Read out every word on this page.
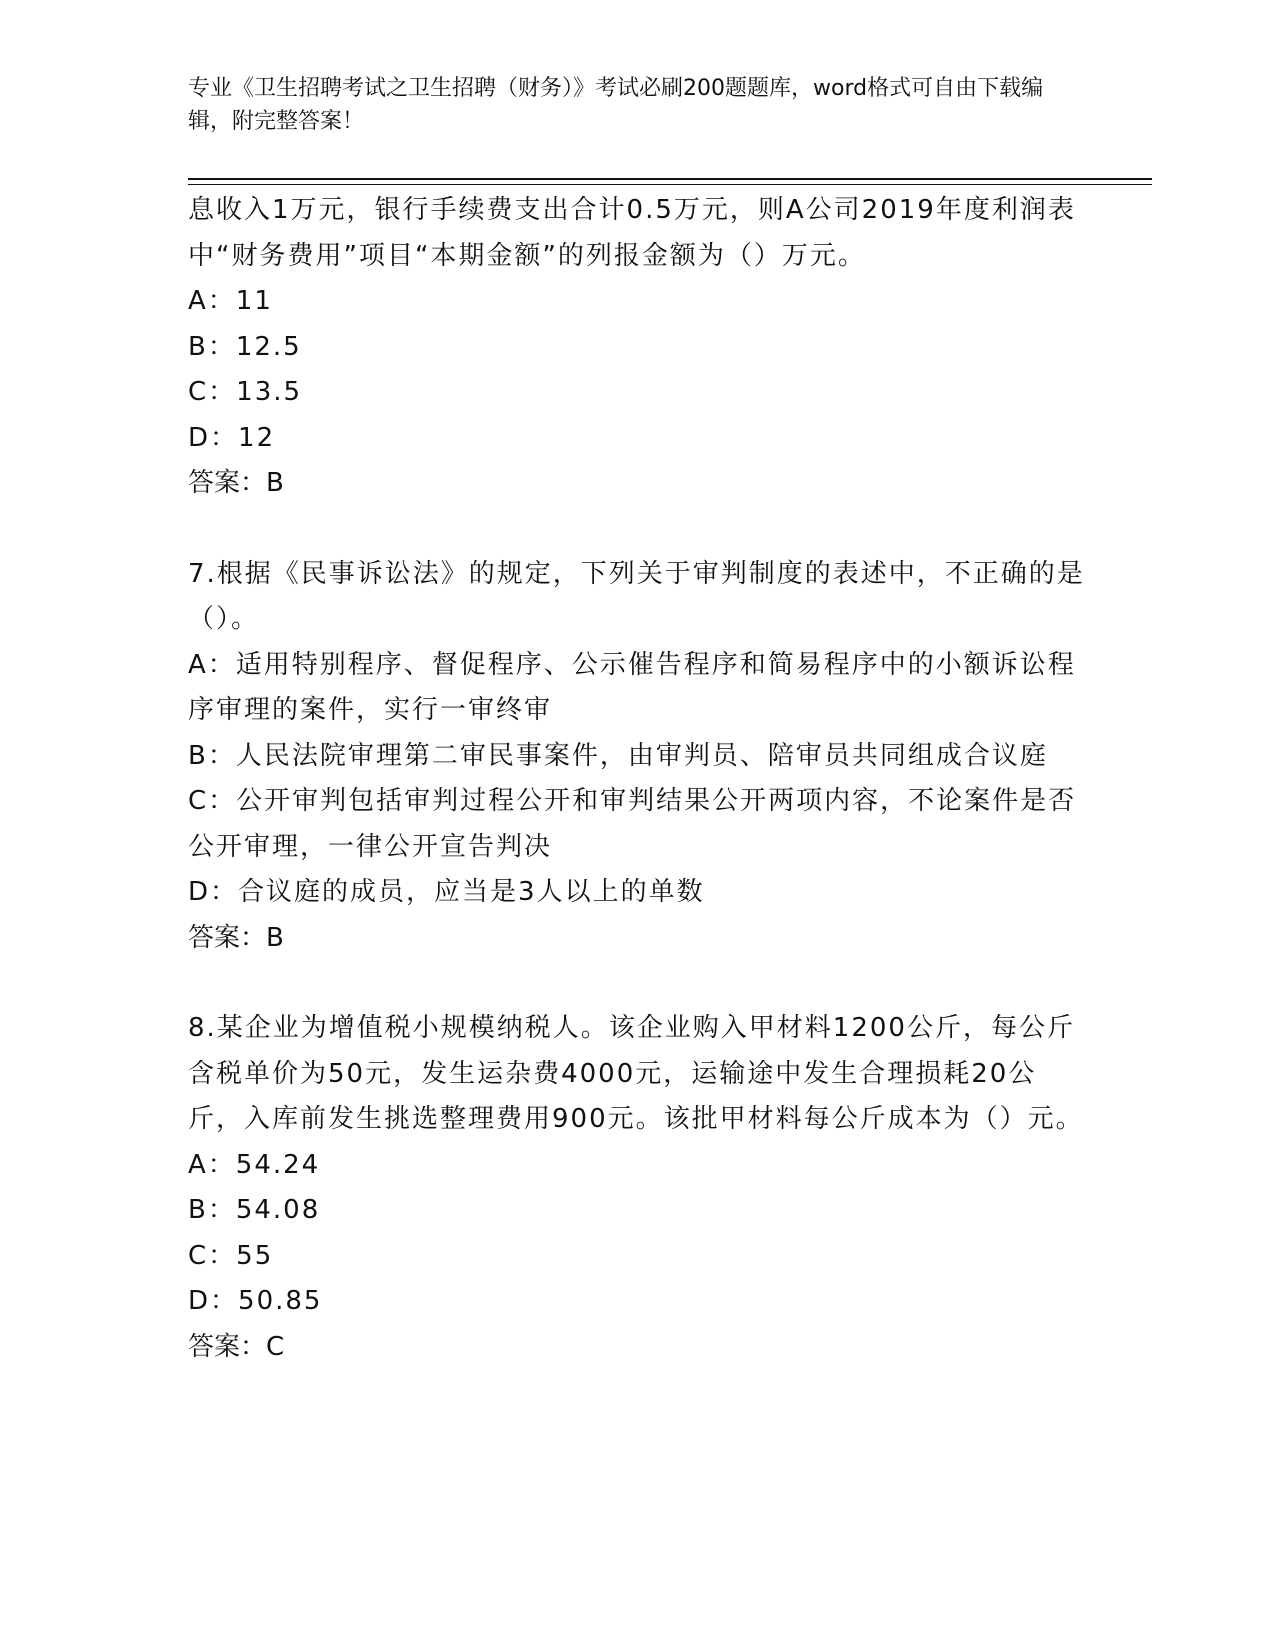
专业《卫生招聘考试之卫生招聘（财务）》考试必刷200题题库，word格式可自由下载编辑，附完整答案！

息收入1万元，银行手续费支出合计0.5万元，则A公司2019年度利润表中“财务费用”项目“本期金额”的列报金额为（）万元。

A：11

B：12.5

C：13.5

D：12

答案：B

7.根据《民事诉讼法》的规定，下列关于审判制度的表述中，不正确的是（）。

A：适用特别程序、督促程序、公示催告程序和简易程序中的小额诉讼程序审理的案件，实行一审终审

B：人民法院审理第二审民事案件，由审判员、陪审员共同组成合议庭

C：公开审判包括审判过程公开和审判结果公开两项内容，不论案件是否公开审理，一律公开宣告判决

D：合议庭的成员，应当是3人以上的单数

答案：B

8.某企业为增值税小规模纳税人。该企业购入甲材料1200公斤，每公斤含税单价为50元，发生运杂费4000元，运输途中发生合理损耗20公斤，入库前发生挑选整理费用900元。该批甲材料每公斤成本为（）元。

A：54.24

B：54.08

C：55

D：50.85

答案：C
